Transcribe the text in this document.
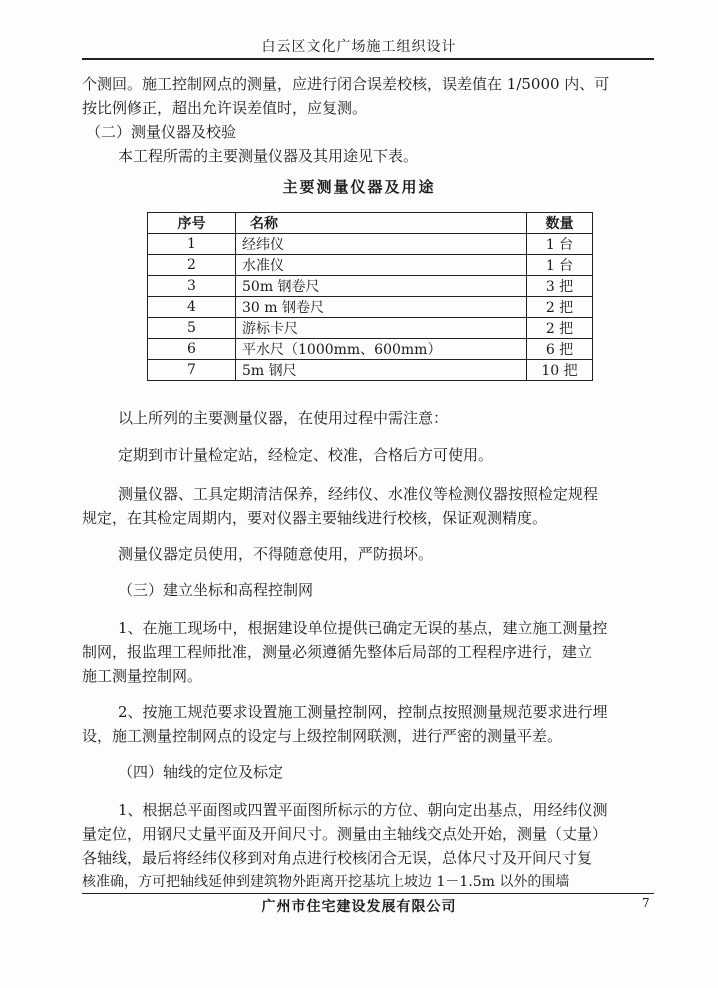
白云区文化广场施工组织设计
个测回。施工控制网点的测量，应进行闭合误差校核，误差值在 1/5000 内、可
按比例修正，超出允许误差值时，应复测。
（二）测量仪器及校验
本工程所需的主要测量仪器及其用途见下表。
主要测量仪器及用途
序号	名称	数量
1	经纬仪	1 台
2	水准仪	1 台
3	50m 钢卷尺	3 把
4	30 m 钢卷尺	2 把
5	游标卡尺	2 把
6	平水尺（1000mm、600mm）	6 把
7	5m 钢尺	10 把
以上所列的主要测量仪器，在使用过程中需注意：
定期到市计量检定站，经检定、校准，合格后方可使用。
测量仪器、工具定期清洁保养，经纬仪、水准仪等检测仪器按照检定规程
规定，在其检定周期内，要对仪器主要轴线进行校核，保证观测精度。
测量仪器定员使用，不得随意使用，严防损坏。
（三）建立坐标和高程控制网
1、在施工现场中，根据建设单位提供已确定无误的基点，建立施工测量控
制网，报监理工程师批准，测量必须遵循先整体后局部的工程程序进行，建立
施工测量控制网。
2、按施工规范要求设置施工测量控制网，控制点按照测量规范要求进行埋
设，施工测量控制网点的设定与上级控制网联测，进行严密的测量平差。
（四）轴线的定位及标定
1、根据总平面图或四置平面图所标示的方位、朝向定出基点，用经纬仪测
量定位，用钢尺丈量平面及开间尺寸。测量由主轴线交点处开始，测量（丈量）
各轴线，最后将经纬仪移到对角点进行校核闭合无误，总体尺寸及开间尺寸复
核准确，方可把轴线延伸到建筑物外距离开挖基坑上坡边 1－1.5m 以外的围墙
广州市住宅建设发展有限公司	7
